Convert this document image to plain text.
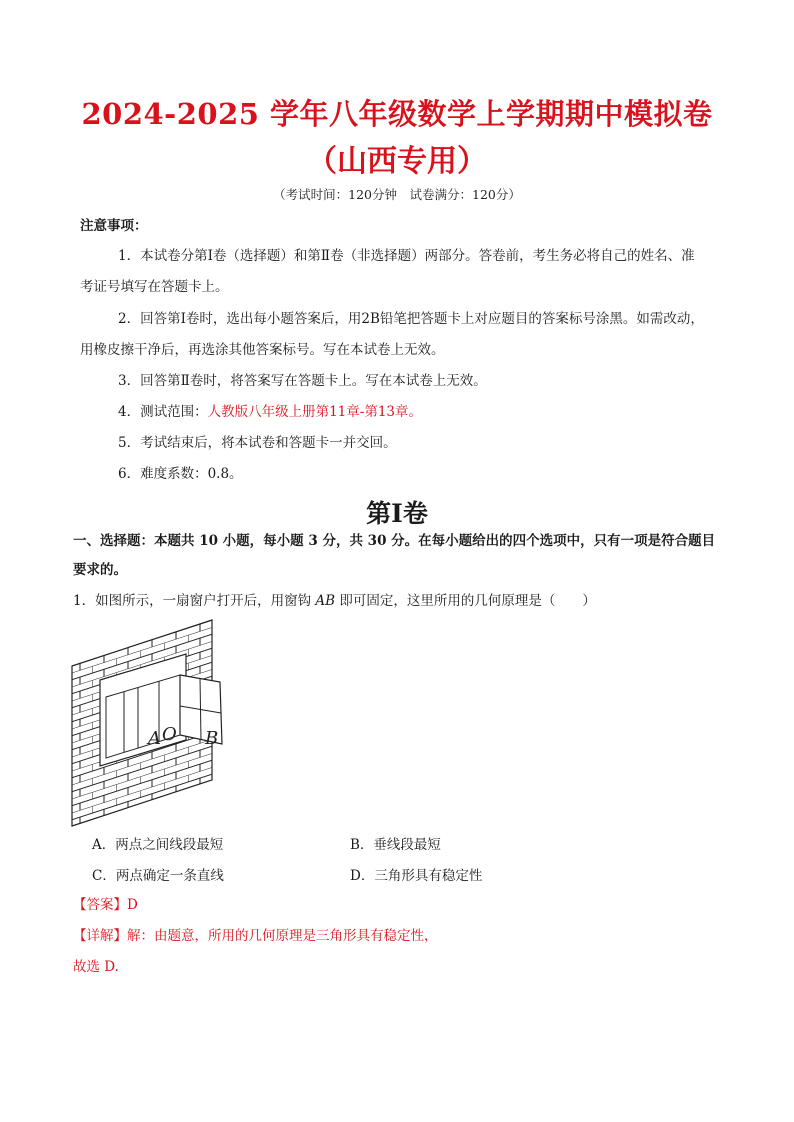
2024-2025 学年八年级数学上学期期中模拟卷
（山西专用）
（考试时间：120分钟　试卷满分：120分）
注意事项：
1．本试卷分第Ⅰ卷（选择题）和第Ⅱ卷（非选择题）两部分。答卷前，考生务必将自己的姓名、准
考证号填写在答题卡上。
2．回答第Ⅰ卷时，选出每小题答案后，用2B铅笔把答题卡上对应题目的答案标号涂黑。如需改动，
用橡皮擦干净后，再选涂其他答案标号。写在本试卷上无效。
3．回答第Ⅱ卷时，将答案写在答题卡上。写在本试卷上无效。
4．测试范围：人教版八年级上册第11章-第13章。
5．考试结束后，将本试卷和答题卡一并交回。
6．难度系数：0.8。
第Ⅰ卷
一、选择题：本题共 10 小题，每小题 3 分，共 30 分。在每小题给出的四个选项中，只有一项是符合题目
要求的。
1．如图所示，一扇窗户打开后，用窗钩 AB 即可固定，这里所用的几何原理是（　　）
A O B
A．两点之间线段最短	B．垂线段最短
C．两点确定一条直线	D．三角形具有稳定性
【答案】D
【详解】解：由题意，所用的几何原理是三角形具有稳定性，
故选 D.
